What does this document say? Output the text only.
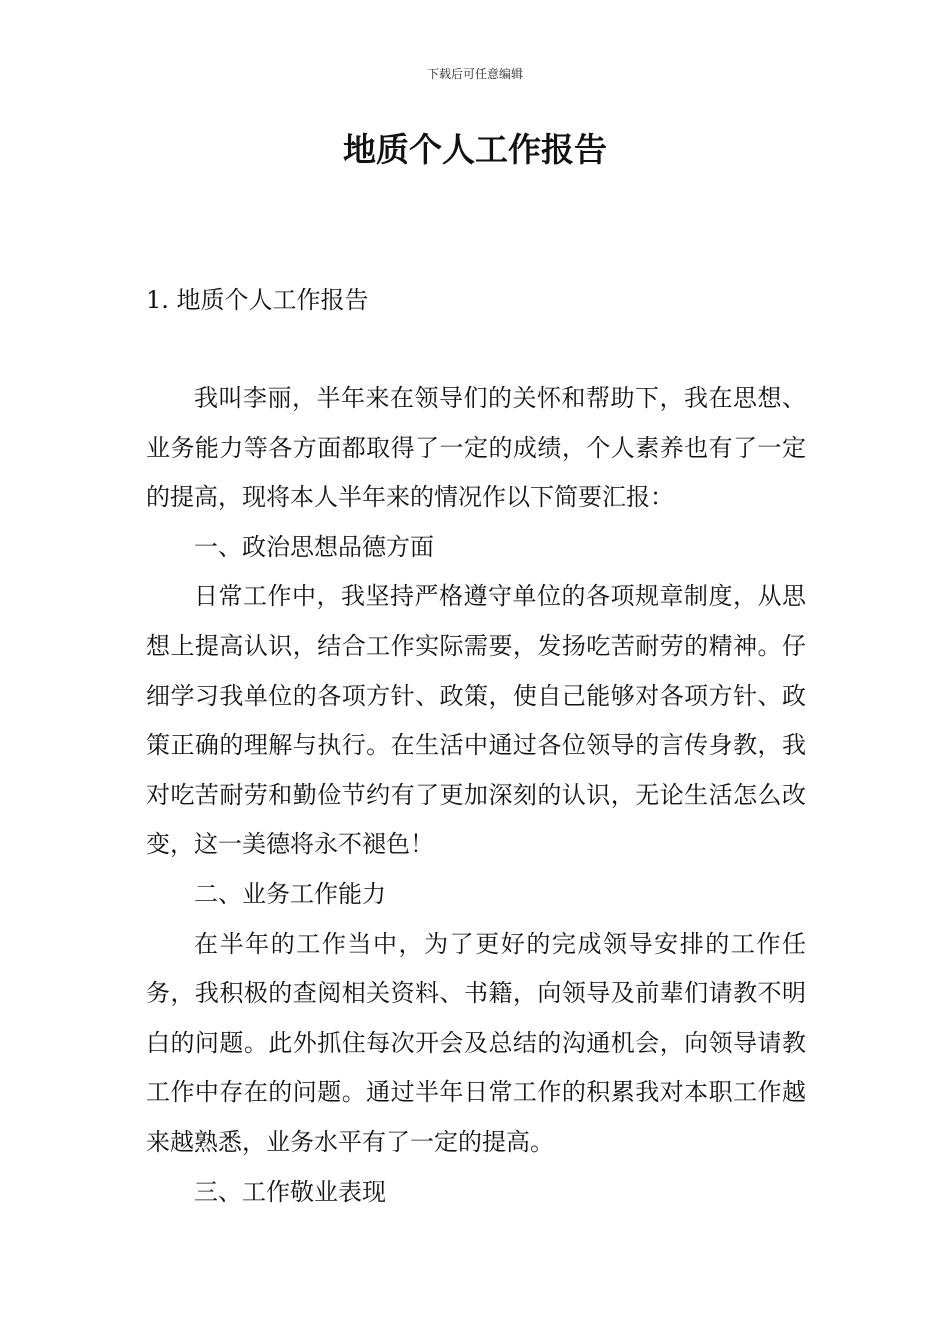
下载后可任意编辑
地质个人工作报告
1. 地质个人工作报告

我叫李丽，半年来在领导们的关怀和帮助下，我在思想、业务能力等各方面都取得了一定的成绩，个人素养也有了一定的提高，现将本人半年来的情况作以下简要汇报：

一、政治思想品德方面

日常工作中，我坚持严格遵守单位的各项规章制度，从思想上提高认识，结合工作实际需要，发扬吃苦耐劳的精神。仔细学习我单位的各项方针、政策，使自己能够对各项方针、政策正确的理解与执行。在生活中通过各位领导的言传身教，我对吃苦耐劳和勤俭节约有了更加深刻的认识，无论生活怎么改变，这一美德将永不褪色！

二、业务工作能力

在半年的工作当中，为了更好的完成领导安排的工作任务，我积极的查阅相关资料、书籍，向领导及前辈们请教不明白的问题。此外抓住每次开会及总结的沟通机会，向领导请教工作中存在的问题。通过半年日常工作的积累我对本职工作越来越熟悉，业务水平有了一定的提高。

三、工作敬业表现
